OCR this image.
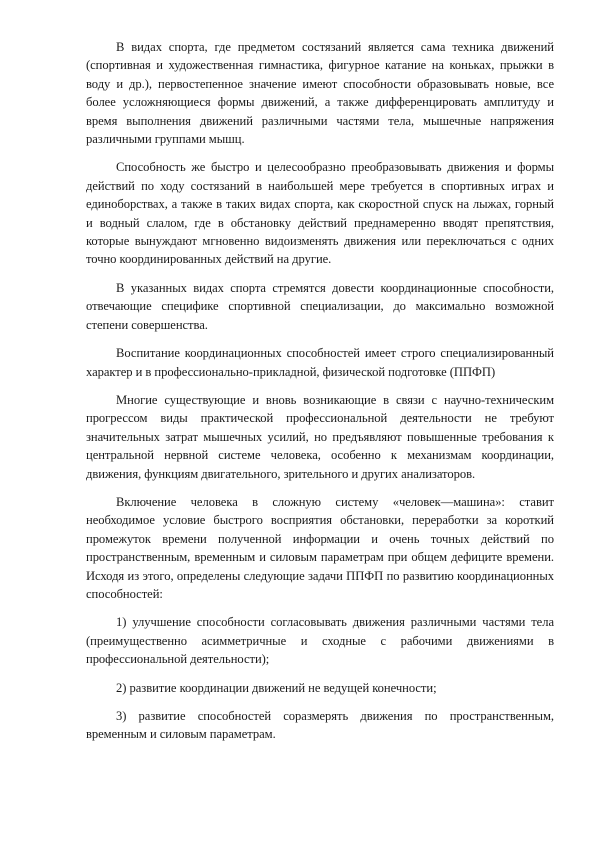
В видах спорта, где предметом состязаний является сама техника движений (спортивная и художественная гимнастика, фигурное катание на коньках, прыжки в воду и др.), первостепенное значение имеют способности образовывать новые, все более усложняющиеся формы движений, а также дифференцировать амплитуду и время выполнения движений различными частями тела, мышечные напряжения различными группами мышц.

Способность же быстро и целесообразно преобразовывать движения и формы действий по ходу состязаний в наибольшей мере требуется в спортивных играх и единоборствах, а также в таких видах спорта, как скоростной спуск на лыжах, горный и водный слалом, где в обстановку действий преднамеренно вводят препятствия, которые вынуждают мгновенно видоизменять движения или переключаться с одних точно координированных действий на другие.

В указанных видах спорта стремятся довести координационные способности, отвечающие специфике спортивной специализации, до максимально возможной степени совершенства.

Воспитание координационных способностей имеет строго специализированный характер и в профессионально-прикладной, физической подготовке (ППФП)

Многие существующие и вновь возникающие в связи с научно-техническим прогрессом виды практической профессиональной деятельности не требуют значительных затрат мышечных усилий, но предъявляют повышенные требования к центральной нервной системе человека, особенно к механизмам координации, движения, функциям двигательного, зрительного и других анализаторов.

Включение человека в сложную систему «человек—машина»: ставит необходимое условие быстрого восприятия обстановки, переработки за короткий промежуток времени полученной информации и очень точных действий по пространственным, временным и силовым параметрам при общем дефиците времени. Исходя из этого, определены следующие задачи ППФП по развитию координационных способностей:

1) улучшение способности согласовывать движения различными частями тела (преимущественно асимметричные и сходные с рабочими движениями в профессиональной деятельности);

2) развитие координации движений не ведущей конечности;

3) развитие способностей соразмерять движения по пространственным, временным и силовым параметрам.
